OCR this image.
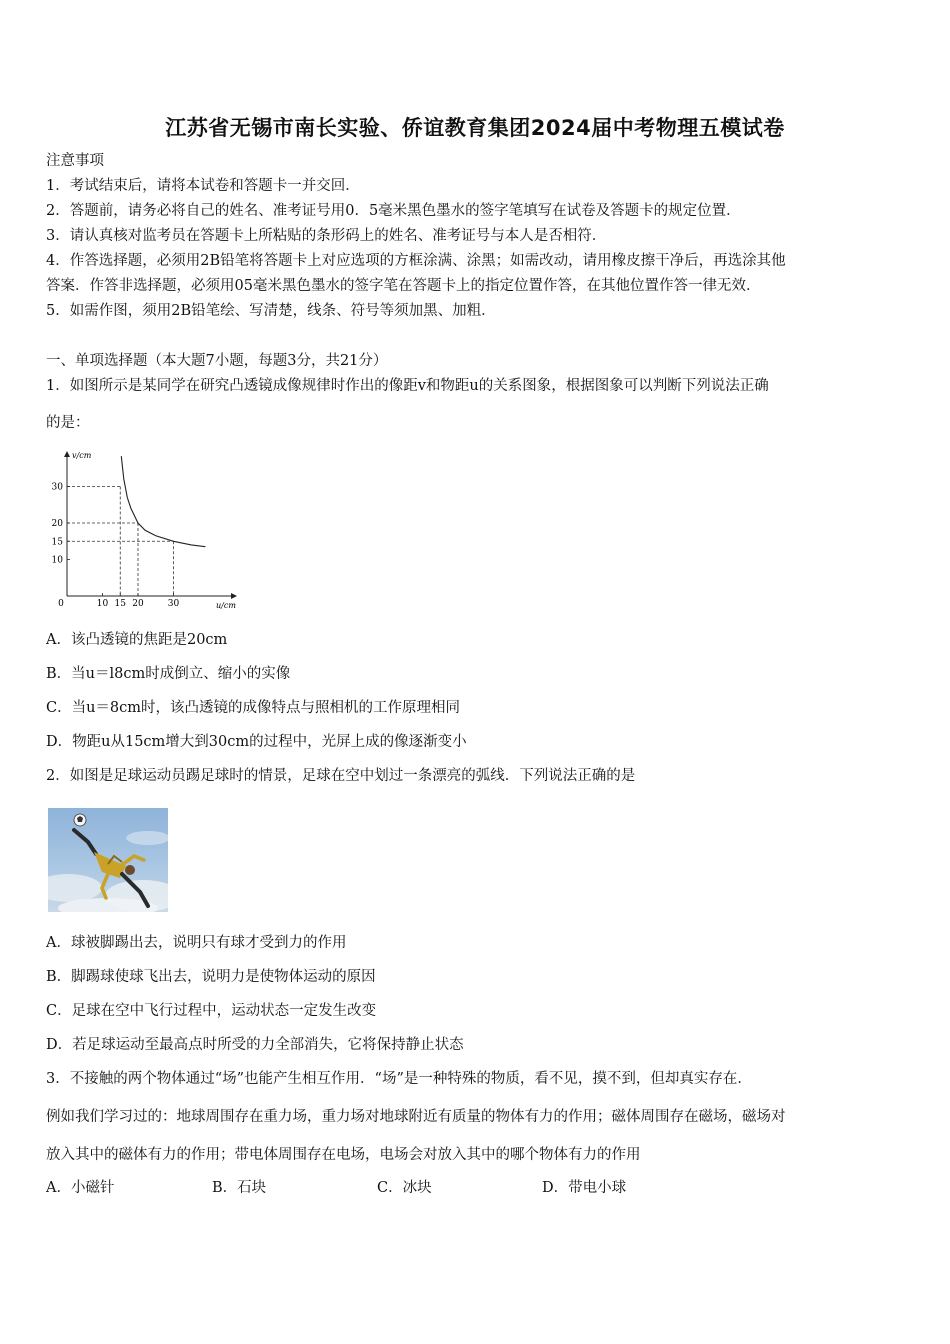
江苏省无锡市南长实验、侨谊教育集团2024届中考物理五模试卷
注意事项
1．考试结束后，请将本试卷和答题卡一并交回．
2．答题前，请务必将自己的姓名、准考证号用0．5毫米黑色墨水的签字笔填写在试卷及答题卡的规定位置．
3．请认真核对监考员在答题卡上所粘贴的条形码上的姓名、准考证号与本人是否相符．
4．作答选择题，必须用2B铅笔将答题卡上对应选项的方框涂满、涂黑；如需改动，请用橡皮擦干净后，再选涂其他
答案．作答非选择题，必须用05毫米黑色墨水的签字笔在答题卡上的指定位置作答，在其他位置作答一律无效．
5．如需作图，须用2B铅笔绘、写清楚，线条、符号等须加黑、加粗．
一、单项选择题（本大题7小题，每题3分，共21分）
1．如图所示是某同学在研究凸透镜成像规律时作出的像距v和物距u的关系图象，根据图象可以判断下列说法正确
的是：
30
20
15
10
0	10 15 20	30
v/cm
u/cm
A．该凸透镜的焦距是20cm
B．当u＝l8cm时成倒立、缩小的实像
C．当u＝8cm时，该凸透镜的成像特点与照相机的工作原理相同
D．物距u从15cm增大到30cm的过程中，光屏上成的像逐渐变小
2．如图是足球运动员踢足球时的情景，足球在空中划过一条漂亮的弧线．下列说法正确的是
A．球被脚踢出去，说明只有球才受到力的作用
B．脚踢球使球飞出去，说明力是使物体运动的原因
C．足球在空中飞行过程中，运动状态一定发生改变
D．若足球运动至最高点时所受的力全部消失，它将保持静止状态
3．不接触的两个物体通过“场”也能产生相互作用．“场”是一种特殊的物质，看不见，摸不到，但却真实存在．
例如我们学习过的：地球周围存在重力场，重力场对地球附近有质量的物体有力的作用；磁体周围存在磁场，磁场对
放入其中的磁体有力的作用；带电体周围存在电场，电场会对放入其中的哪个物体有力的作用
A．小磁针	B．石块	C．冰块	D．带电小球
